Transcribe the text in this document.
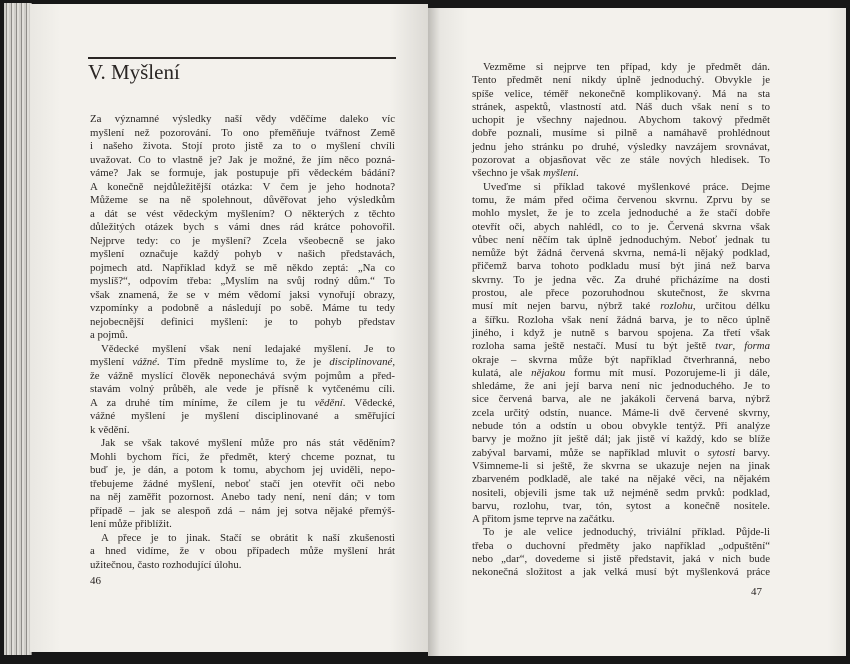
V. Myšlení
Za významné výsledky naší vědy vděčíme daleko víc
myšlení než pozorování. To ono přeměňuje tvářnost Země
i našeho života. Stojí proto jistě za to o myšlení chvíli
uvažovat. Co to vlastně je? Jak je možné, že jím něco pozná-
váme? Jak se formuje, jak postupuje při vědeckém bádání?
A konečně nejdůležitější otázka: V čem je jeho hodnota?
Můžeme se na ně spolehnout, důvěřovat jeho výsledkům
a dát se vést vědeckým myšlením? O některých z těchto
důležitých otázek bych s vámi dnes rád krátce pohovořil.
Nejprve tedy: co je myšlení? Zcela všeobecně se jako
myšlení označuje každý pohyb v našich představách,
pojmech atd. Například když se mě někdo zeptá: „Na co
myslíš?“, odpovím třeba: „Myslím na svůj rodný dům.“ To
však znamená, že se v mém vědomí jaksi vynořují obrazy,
vzpomínky a podobně a následují po sobě. Máme tu tedy
nejobecnější definici myšlení: je to pohyb představ
a pojmů.
Vědecké myšlení však není ledajaké myšlení. Je to
myšlení vážné. Tím předně myslíme to, že je disciplinované,
že vážně myslící člověk neponechává svým pojmům a před-
stavám volný průběh, ale vede je přísně k vytčenému cíli.
A za druhé tím míníme, že cílem je tu vědění. Vědecké,
vážné myšlení je myšlení disciplinované a směřující
k vědění.
Jak se však takové myšlení může pro nás stát věděním?
Mohli bychom říci, že předmět, který chceme poznat, tu
buď je, je dán, a potom k tomu, abychom jej uviděli, nepo-
třebujeme žádné myšlení, neboť stačí jen otevřít oči nebo
na něj zaměřit pozornost. Anebo tady není, není dán; v tom
případě – jak se alespoň zdá – nám jej sotva nějaké přemýš-
lení může přiblížit.
A přece je to jinak. Stačí se obrátit k naší zkušenosti
a hned vidíme, že v obou případech může myšlení hrát
užitečnou, často rozhodující úlohu.
46
Vezměme si nejprve ten případ, kdy je předmět dán.
Tento předmět není nikdy úplně jednoduchý. Obvykle je
spíše velice, téměř nekonečně komplikovaný. Má na sta
stránek, aspektů, vlastností atd. Náš duch však není s to
uchopit je všechny najednou. Abychom takový předmět
dobře poznali, musíme si pilně a namáhavě prohlédnout
jednu jeho stránku po druhé, výsledky navzájem srovnávat,
pozorovat a objasňovat věc ze stále nových hledisek. To
všechno je však myšlení.
Uveďme si příklad takové myšlenkové práce. Dejme
tomu, že mám před očima červenou skvrnu. Zprvu by se
mohlo myslet, že je to zcela jednoduché a že stačí dobře
otevřít oči, abych nahlédl, co to je. Červená skvrna však
vůbec není něčím tak úplně jednoduchým. Neboť jednak tu
nemůže být žádná červená skvrna, nemá-li nějaký podklad,
přičemž barva tohoto podkladu musí být jiná než barva
skvrny. To je jedna věc. Za druhé přicházíme na dosti
prostou, ale přece pozoruhodnou skutečnost, že skvrna
musí mít nejen barvu, nýbrž také rozlohu, určitou délku
a šířku. Rozloha však není žádná barva, je to něco úplně
jiného, i když je nutně s barvou spojena. Za třetí však
rozloha sama ještě nestačí. Musí tu být ještě tvar, forma
okraje – skvrna může být například čtverhranná, nebo
kulatá, ale nějakou formu mít musí. Pozorujeme-li ji dále,
shledáme, že ani její barva není nic jednoduchého. Je to
sice červená barva, ale ne jakákoli červená barva, nýbrž
zcela určitý odstín, nuance. Máme-li dvě červené skvrny,
nebude tón a odstín u obou obvykle tentýž. Při analýze
barvy je možno jít ještě dál; jak jistě ví každý, kdo se blíže
zabýval barvami, může se například mluvit o sytosti barvy.
Všimneme-li si ještě, že skvrna se ukazuje nejen na jinak
zbarveném podkladě, ale také na nějaké věci, na nějakém
nositeli, objevili jsme tak už nejméně sedm prvků: podklad,
barvu, rozlohu, tvar, tón, sytost a konečně nositele.
A přitom jsme teprve na začátku.
To je ale velice jednoduchý, triviální příklad. Půjde-li
třeba o duchovní předměty jako například „odpuštění“
nebo „dar“, dovedeme si jistě představit, jaká v nich bude
nekonečná složitost a jak velká musí být myšlenková práce
47
